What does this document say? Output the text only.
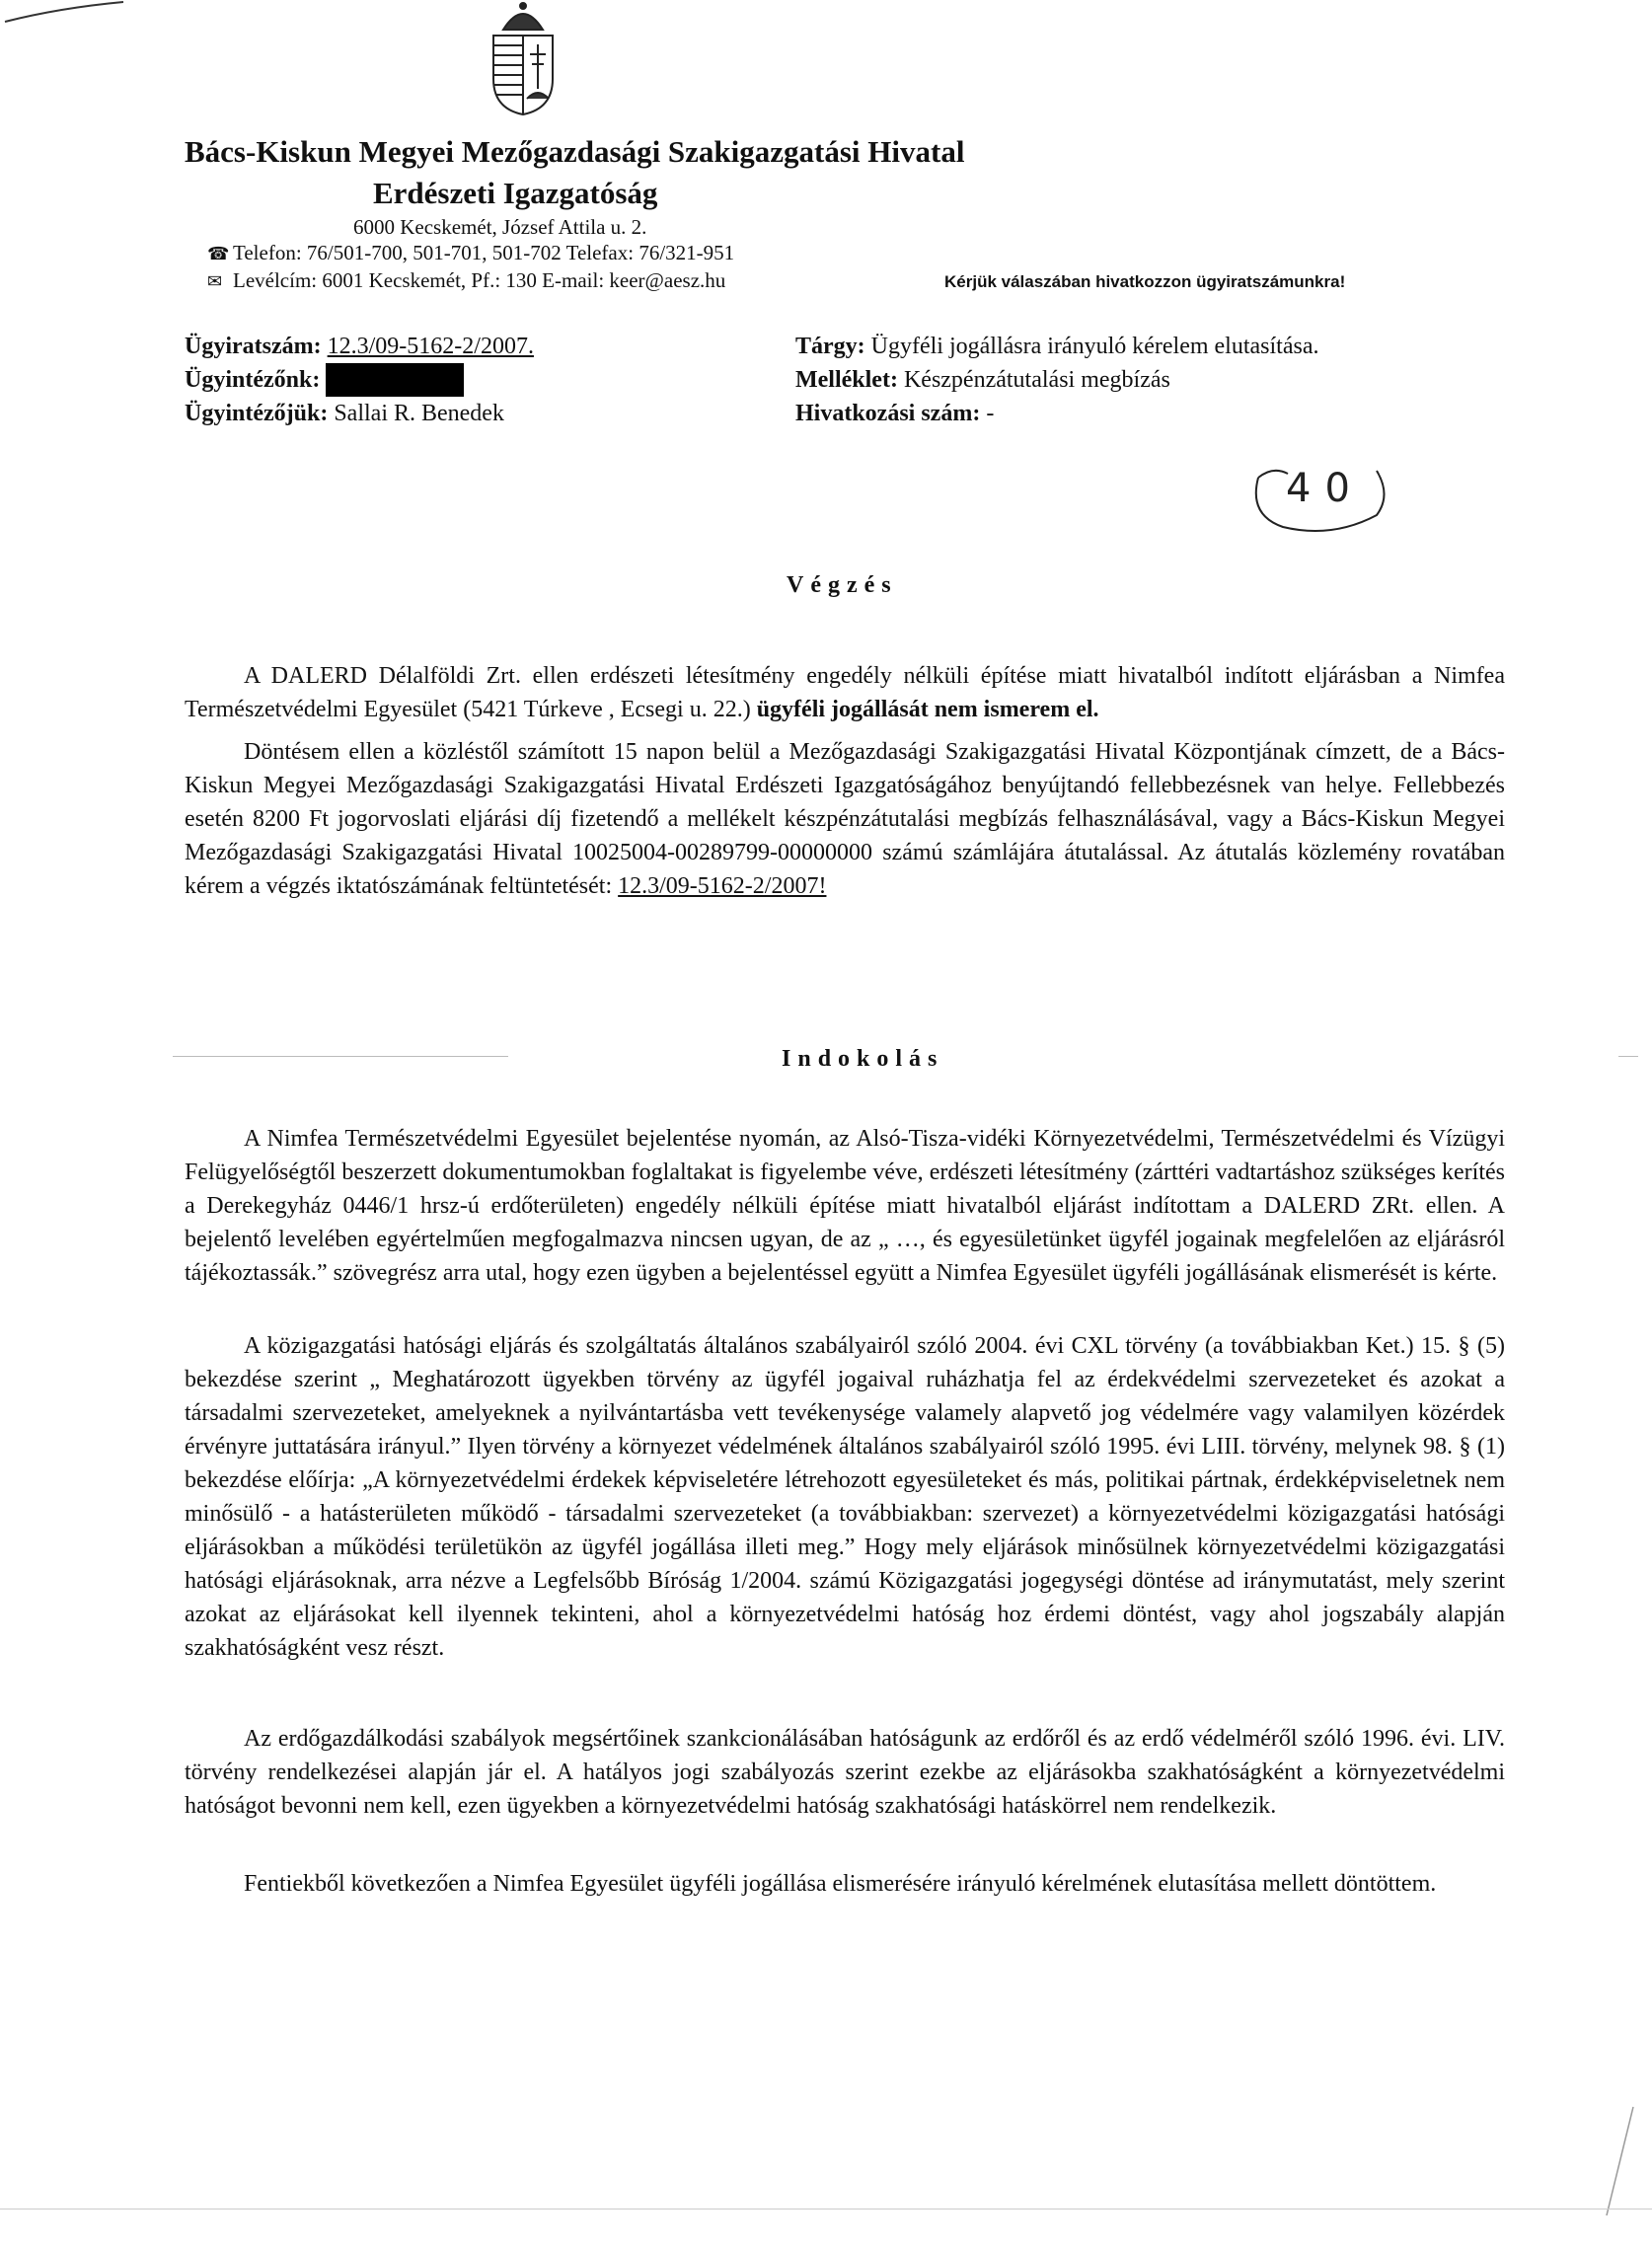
Bács-Kiskun Megyei Mezőgazdasági Szakigazgatási Hivatal
Erdészeti Igazgatóság
6000 Kecskemét, József Attila u. 2.
☎ Telefon: 76/501-700, 501-701, 501-702 Telefax: 76/321-951
✉ Levélcím: 6001 Kecskemét, Pf.: 130 E-mail: keer@aesz.hu	Kérjük válaszában hivatkozzon ügyiratszámunkra!
Ügyiratszám: 12.3/09-5162-2/2007.
Ügyintézőnk:
Ügyintézőjük: Sallai R. Benedek
Tárgy: Ügyféli jogállásra irányuló kérelem elutasítása.
Melléklet: Készpénzátutalási megbízás
Hivatkozási szám: -
40
Végzés

A DALERD Délalföldi Zrt. ellen erdészeti létesítmény engedély nélküli építése miatt hivatalból indított eljárásban a Nimfea Természetvédelmi Egyesület (5421 Túrkeve , Ecsegi u. 22.) ügyféli jogállását nem ismerem el.

Döntésem ellen a közléstől számított 15 napon belül a Mezőgazdasági Szakigazgatási Hivatal Központjának címzett, de a Bács-Kiskun Megyei Mezőgazdasági Szakigazgatási Hivatal Erdészeti Igazgatóságához benyújtandó fellebbezésnek van helye. Fellebbezés esetén 8200 Ft jogorvoslati eljárási díj fizetendő a mellékelt készpénzátutalási megbízás felhasználásával, vagy a Bács-Kiskun Megyei Mezőgazdasági Szakigazgatási Hivatal 10025004-00289799-00000000 számú számlájára átutalással. Az átutalás közlemény rovatában kérem a végzés iktatószámának feltüntetését: 12.3/09-5162-2/2007!

Indokolás

A Nimfea Természetvédelmi Egyesület bejelentése nyomán, az Alsó-Tisza-vidéki Környezetvédelmi, Természetvédelmi és Vízügyi Felügyelőségtől beszerzett dokumentumokban foglaltakat is figyelembe véve, erdészeti létesítmény (zárttéri vadtartáshoz szükséges kerítés a Derekegyház 0446/1 hrsz-ú erdőterületen) engedély nélküli építése miatt hivatalból eljárást indítottam a DALERD ZRt. ellen. A bejelentő levelében egyértelműen megfogalmazva nincsen ugyan, de az „ …, és egyesületünket ügyfél jogainak megfelelően az eljárásról tájékoztassák.” szövegrész arra utal, hogy ezen ügyben a bejelentéssel együtt a Nimfea Egyesület ügyféli jogállásának elismerését is kérte.

A közigazgatási hatósági eljárás és szolgáltatás általános szabályairól szóló 2004. évi CXL törvény (a továbbiakban Ket.) 15. § (5) bekezdése szerint „ Meghatározott ügyekben törvény az ügyfél jogaival ruházhatja fel az érdekvédelmi szervezeteket és azokat a társadalmi szervezeteket, amelyeknek a nyilvántartásba vett tevékenysége valamely alapvető jog védelmére vagy valamilyen közérdek érvényre juttatására irányul.” Ilyen törvény a környezet védelmének általános szabályairól szóló 1995. évi LIII. törvény, melynek 98. § (1) bekezdése előírja: „A környezetvédelmi érdekek képviseletére létrehozott egyesületeket és más, politikai pártnak, érdekképviseletnek nem minősülő - a hatásterületen működő - társadalmi szervezeteket (a továbbiakban: szervezet) a környezetvédelmi közigazgatási hatósági eljárásokban a működési területükön az ügyfél jogállása illeti meg.” Hogy mely eljárások minősülnek környezetvédelmi közigazgatási hatósági eljárásoknak, arra nézve a Legfelsőbb Bíróság 1/2004. számú Közigazgatási jogegységi döntése ad iránymutatást, mely szerint azokat az eljárásokat kell ilyennek tekinteni, ahol a környezetvédelmi hatóság hoz érdemi döntést, vagy ahol jogszabály alapján szakhatóságként vesz részt.

Az erdőgazdálkodási szabályok megsértőinek szankcionálásában hatóságunk az erdőről és az erdő védelméről szóló 1996. évi. LIV. törvény rendelkezései alapján jár el. A hatályos jogi szabályozás szerint ezekbe az eljárásokba szakhatóságként a környezetvédelmi hatóságot bevonni nem kell, ezen ügyekben a környezetvédelmi hatóság szakhatósági hatáskörrel nem rendelkezik.

Fentiekből következően a Nimfea Egyesület ügyféli jogállása elismerésére irányuló kérelmének elutasítása mellett döntöttem.
